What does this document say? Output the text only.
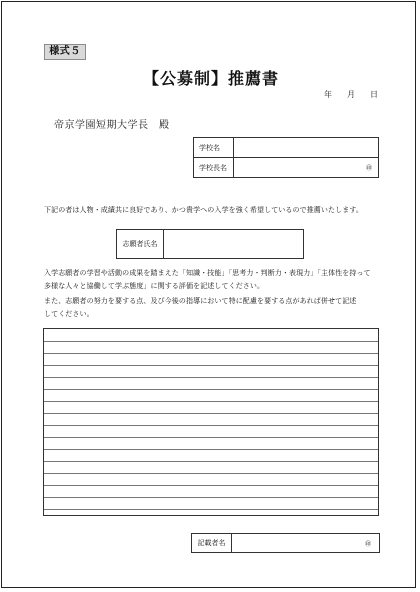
様式５
【公募制】推薦書
年 月 日
帝京学園短期大学長　殿
学校名	
学校長名	㊞
下記の者は人物・成績共に良好であり、かつ貴学への入学を強く希望しているので推薦いたします。
志願者氏名
入学志願者の学習や活動の成果を踏まえた「知識・技能」「思考力・判断力・表現力」「主体性を持って
多様な人々と協働して学ぶ態度」に関する評価を記述してください。
また、志願者の努力を要する点、及び今後の指導において特に配慮を要する点があれば併せて記述
してください。
記載者名	㊞
